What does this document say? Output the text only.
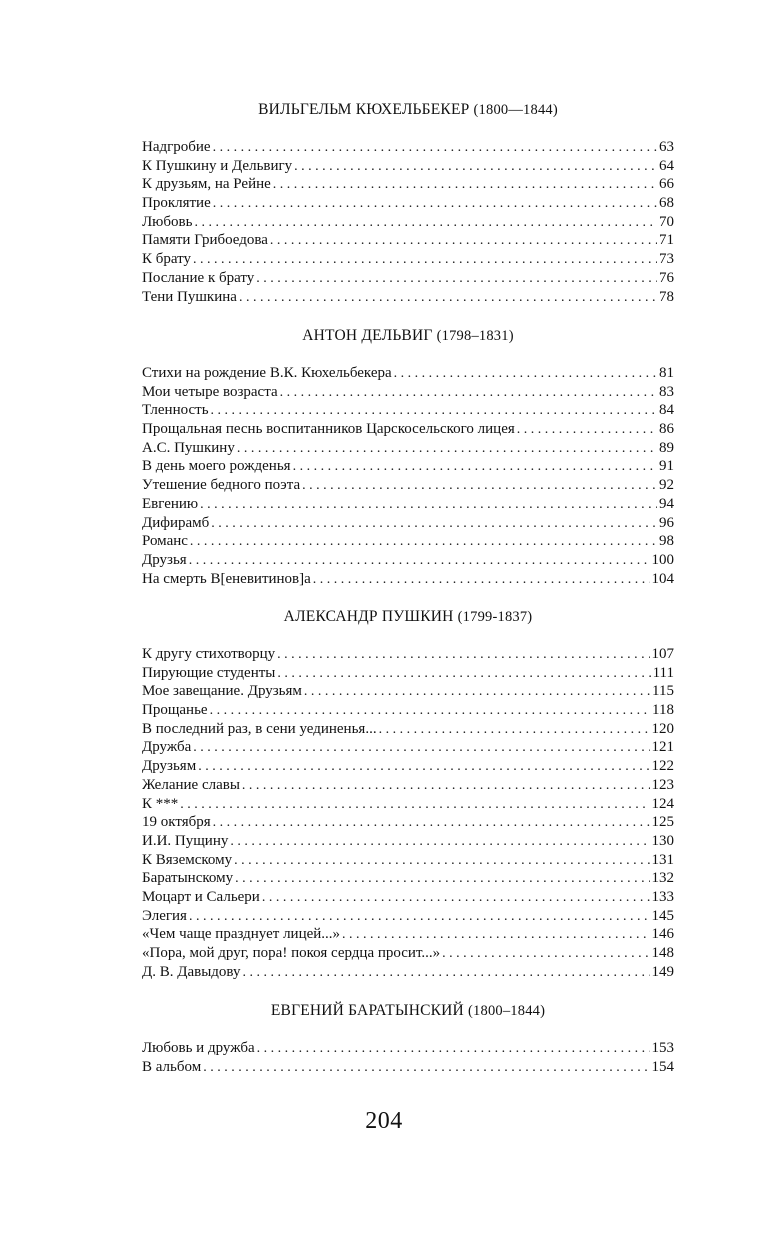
ВИЛЬГЕЛЬМ КЮХЕЛЬБЕКЕР (1800—1844)
Надгробие . . .	63
К Пушкину и Дельвигу . . .	64
К друзьям, на Рейне . . .	66
Проклятие . . .	68
Любовь . . .	70
Памяти Грибоедова . . .	71
К брату . . .	73
Послание к брату . . .	76
Тени Пушкина . . .	78
АНТОН ДЕЛЬВИГ (1798–1831)
Стихи на рождение В.К. Кюхельбекера . . .	81
Мои четыре возраста . . .	83
Тленность . . .	84
Прощальная песнь воспитанников Царскосельского лицея . . .	86
А.С. Пушкину . . .	89
В день моего рожденья . . .	91
Утешение бедного поэта . . .	92
Евгению . . .	94
Дифирамб . . .	96
Романс . . .	98
Друзья . . .	100
На смерть В[еневитинов]а . . .	104
АЛЕКСАНДР ПУШКИН (1799-1837)
К другу стихотворцу . . .	107
Пирующие студенты . . .	111
Мое завещание. Друзьям . . .	115
Прощанье . . .	118
В последний раз, в сени уединенья... . . .	120
Дружба . . .	121
Друзьям . . .	122
Желание славы . . .	123
К *** . . .	124
19 октября . . .	125
И.И. Пущину . . .	130
К Вяземскому . . .	131
Баратынскому . . .	132
Моцарт и Сальери . . .	133
Элегия . . .	145
«Чем чаще празднует лицей...» . . .	146
«Пора, мой друг, пора! покоя сердца просит...» . . .	148
Д. В. Давыдову . . .	149
ЕВГЕНИЙ БАРАТЫНСКИЙ (1800–1844)
Любовь и дружба . . .	153
В альбом . . .	154
204
